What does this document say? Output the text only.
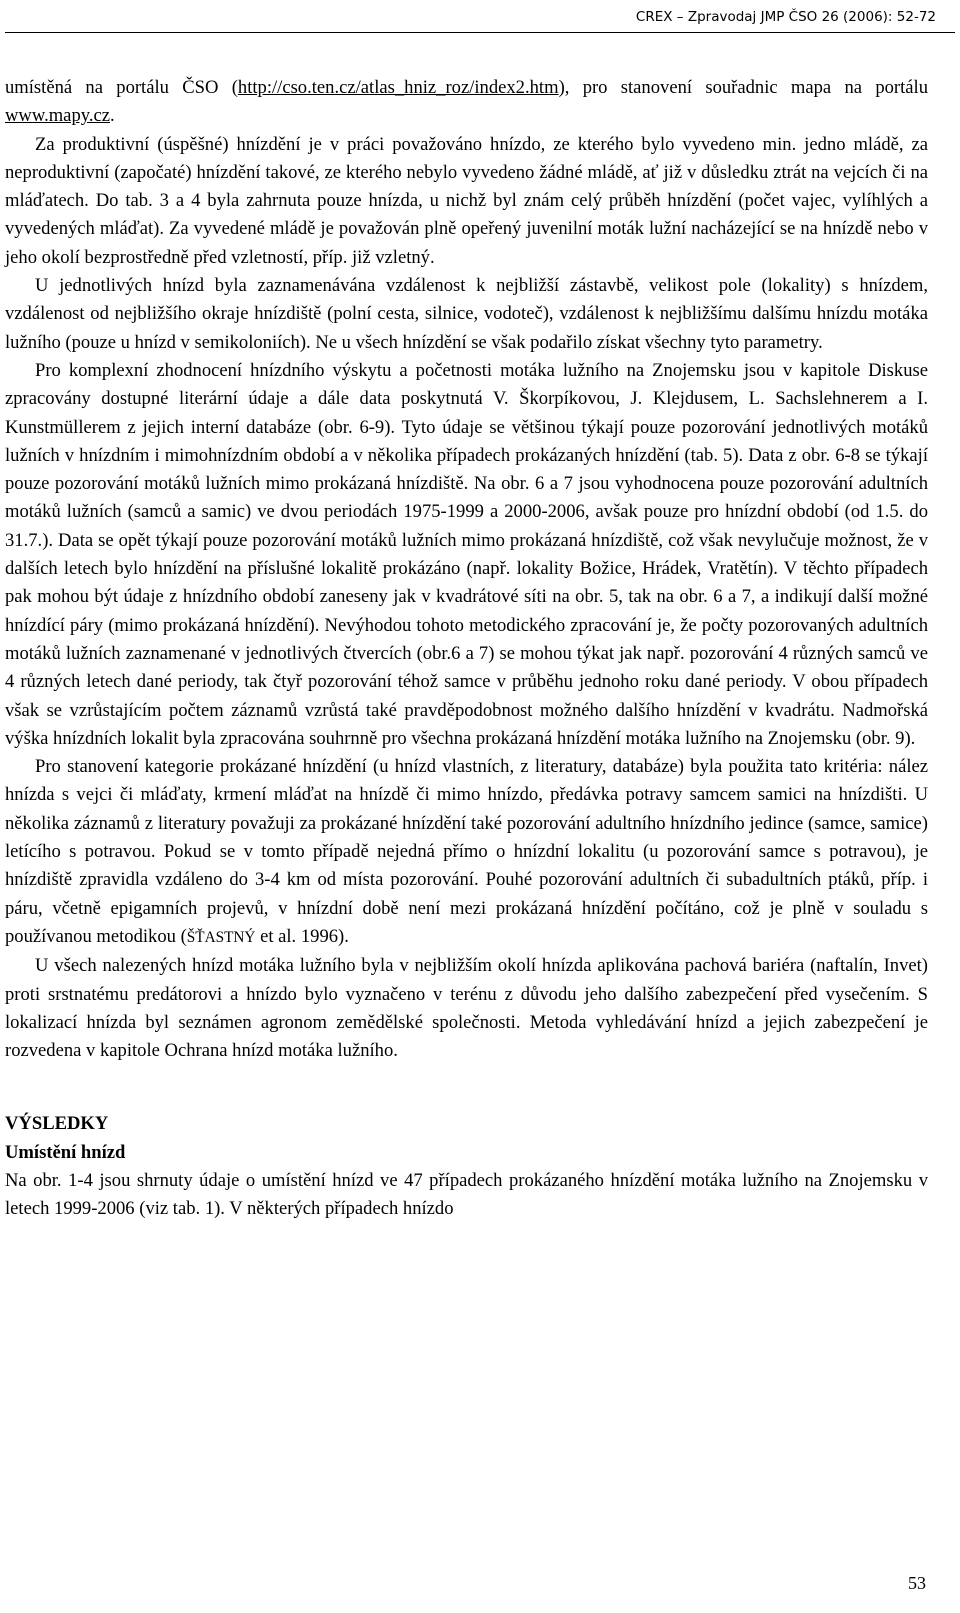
CREX – Zpravodaj JMP ČSO 26 (2006): 52-72

umístěná na portálu ČSO (http://cso.ten.cz/atlas_hniz_roz/index2.htm), pro stanovení souřadnic mapa na portálu www.mapy.cz.

Za produktivní (úspěšné) hnízdění je v práci považováno hnízdo, ze kterého bylo vyvedeno min. jedno mládě, za neproduktivní (započaté) hnízdění takové, ze kterého nebylo vyvedeno žádné mládě, ať již v důsledku ztrát na vejcích či na mláďatech. Do tab. 3 a 4 byla zahrnuta pouze hnízda, u nichž byl znám celý průběh hnízdění (počet vajec, vylíhlých a vyvedených mláďat). Za vyvedené mládě je považován plně opeřený juvenilní moták lužní nacházející se na hnízdě nebo v jeho okolí bezprostředně před vzletností, příp. již vzletný.

U jednotlivých hnízd byla zaznamenávána vzdálenost k nejbližší zástavbě, velikost pole (lokality) s hnízdem, vzdálenost od nejbližšího okraje hnízdiště (polní cesta, silnice, vodoteč), vzdálenost k nejbližšímu dalšímu hnízdu motáka lužního (pouze u hnízd v semikoloniích). Ne u všech hnízdění se však podařilo získat všechny tyto parametry.

Pro komplexní zhodnocení hnízdního výskytu a početnosti motáka lužního na Znojemsku jsou v kapitole Diskuse zpracovány dostupné literární údaje a dále data poskytnutá V. Škorpíkovou, J. Klejdusem, L. Sachslehnerem a I. Kunstmüllerem z jejich interní databáze (obr. 6-9). Tyto údaje se většinou týkají pouze pozorování jednotlivých motáků lužních v hnízdním i mimohnízdním období a v několika případech prokázaných hnízdění (tab. 5). Data z obr. 6-8 se týkají pouze pozorování motáků lužních mimo prokázaná hnízdiště. Na obr. 6 a 7 jsou vyhodnocena pouze pozorování adultních motáků lužních (samců a samic) ve dvou periodách 1975-1999 a 2000-2006, avšak pouze pro hnízdní období (od 1.5. do 31.7.). Data se opět týkají pouze pozorování motáků lužních mimo prokázaná hnízdiště, což však nevylučuje možnost, že v dalších letech bylo hnízdění na příslušné lokalitě prokázáno (např. lokality Božice, Hrádek, Vratětín). V těchto případech pak mohou být údaje z hnízdního období zaneseny jak v kvadrátové síti na obr. 5, tak na obr. 6 a 7, a indikují další možné hnízdící páry (mimo prokázaná hnízdění). Nevýhodou tohoto metodického zpracování je, že počty pozorovaných adultních motáků lužních zaznamenané v jednotlivých čtvercích (obr.6 a 7) se mohou týkat jak např. pozorování 4 různých samců ve 4 různých letech dané periody, tak čtyř pozorování téhož samce v průběhu jednoho roku dané periody. V obou případech však se vzrůstajícím počtem záznamů vzrůstá také pravděpodobnost možného dalšího hnízdění v kvadrátu. Nadmořská výška hnízdních lokalit byla zpracována souhrnně pro všechna prokázaná hnízdění motáka lužního na Znojemsku (obr. 9).

Pro stanovení kategorie prokázané hnízdění (u hnízd vlastních, z literatury, databáze) byla použita tato kritéria: nález hnízda s vejci či mláďaty, krmení mláďat na hnízdě či mimo hnízdo, předávka potravy samcem samici na hnízdišti. U několika záznamů z literatury považuji za prokázané hnízdění také pozorování adultního hnízdního jedince (samce, samice) letícího s potravou. Pokud se v tomto případě nejedná přímo o hnízdní lokalitu (u pozorování samce s potravou), je hnízdiště zpravidla vzdáleno do 3-4 km od místa pozorování. Pouhé pozorování adultních či subadultních ptáků, příp. i páru, včetně epigamních projevů, v hnízdní době není mezi prokázaná hnízdění počítáno, což je plně v souladu s používanou metodikou (ŠŤASTNÝ et al. 1996).

U všech nalezených hnízd motáka lužního byla v nejbližším okolí hnízda aplikována pachová bariéra (naftalín, Invet) proti srstnatému predátorovi a hnízdo bylo vyznačeno v terénu z důvodu jeho dalšího zabezpečení před vysečením. S lokalizací hnízda byl seznámen agronom zemědělské společnosti. Metoda vyhledávání hnízd a jejich zabezpečení je rozvedena v kapitole Ochrana hnízd motáka lužního.

VÝSLEDKY

Umístění hnízd

Na obr. 1-4 jsou shrnuty údaje o umístění hnízd ve 47 případech prokázaného hnízdění motáka lužního na Znojemsku v letech 1999-2006 (viz tab. 1). V některých případech hnízdo

53
